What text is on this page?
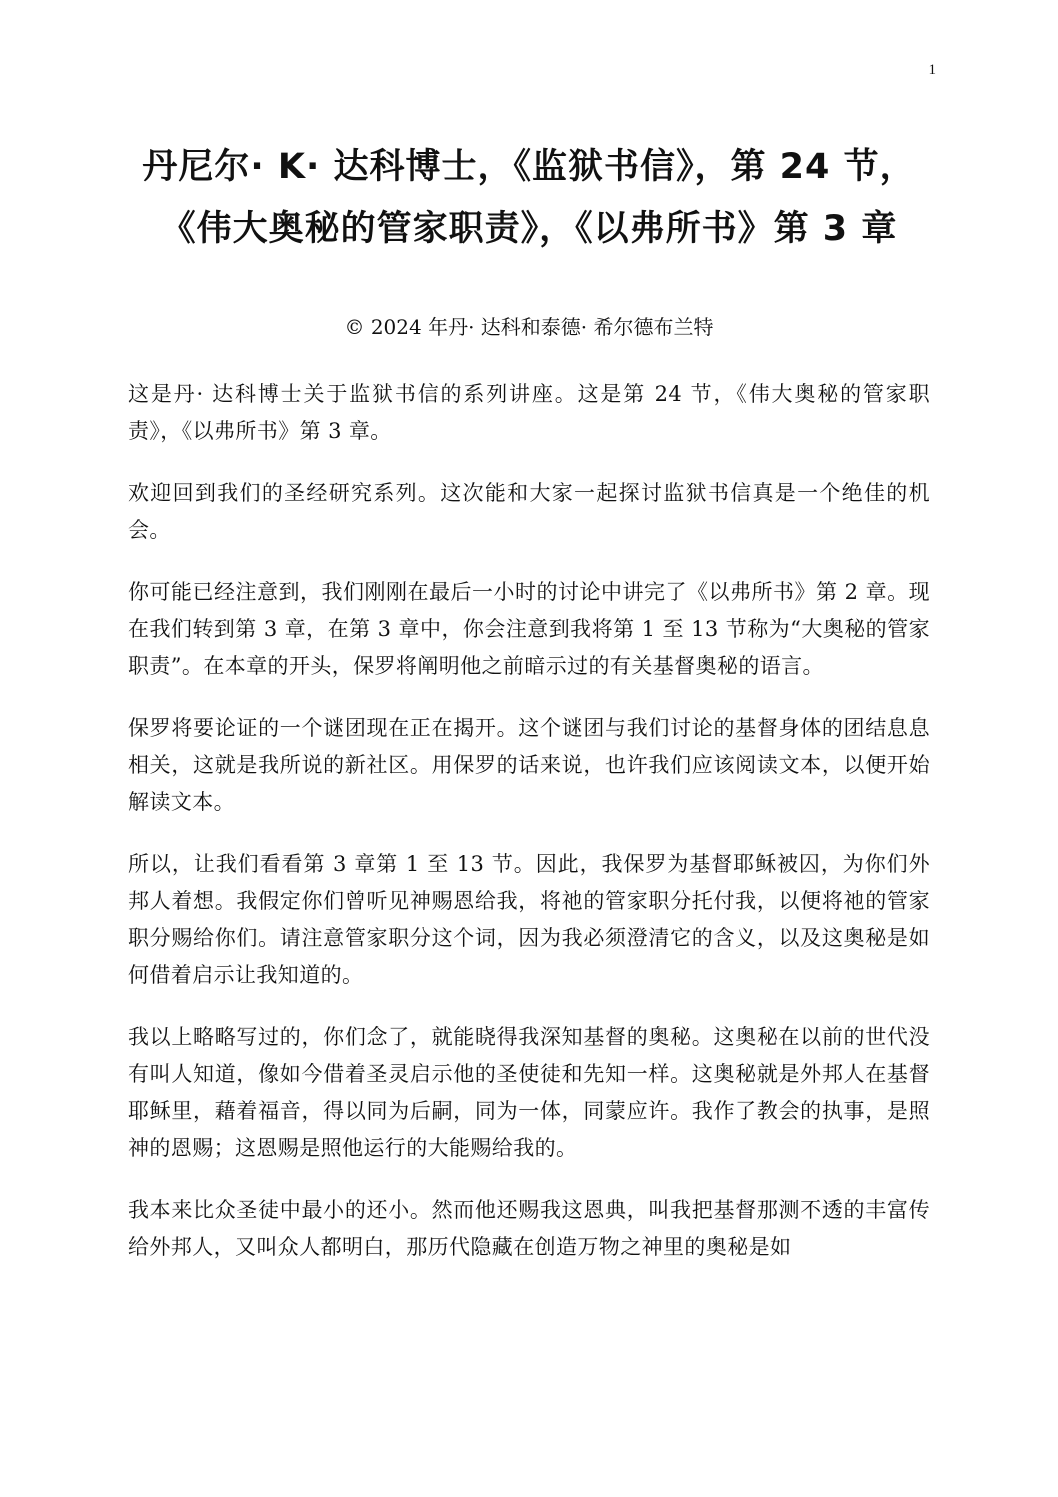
1
丹尼尔· K· 达科博士，《监狱书信》，第 24 节，《伟大奥秘的管家职责》，《以弗所书》第 3 章
© 2024 年丹· 达科和泰德· 希尔德布兰特

这是丹· 达科博士关于监狱书信的系列讲座。这是第 24 节，《伟大奥秘的管家职责》，《以弗所书》第 3 章。

欢迎回到我们的圣经研究系列。这次能和大家一起探讨监狱书信真是一个绝佳的机会。

你可能已经注意到，我们刚刚在最后一小时的讨论中讲完了《以弗所书》第 2 章。现在我们转到第 3 章，在第 3 章中，你会注意到我将第 1 至 13 节称为“大奥秘的管家职责”。在本章的开头，保罗将阐明他之前暗示过的有关基督奥秘的语言。

保罗将要论证的一个谜团现在正在揭开。这个谜团与我们讨论的基督身体的团结息息相关，这就是我所说的新社区。用保罗的话来说，也许我们应该阅读文本，以便开始解读文本。

所以，让我们看看第 3 章第 1 至 13 节。因此，我保罗为基督耶稣被囚，为你们外邦人着想。我假定你们曾听见神赐恩给我，将祂的管家职分托付我，以便将祂的管家职分赐给你们。请注意管家职分这个词，因为我必须澄清它的含义，以及这奥秘是如何借着启示让我知道的。

我以上略略写过的，你们念了，就能晓得我深知基督的奥秘。这奥秘在以前的世代没有叫人知道，像如今借着圣灵启示他的圣使徒和先知一样。这奥秘就是外邦人在基督耶稣里，藉着福音，得以同为后嗣，同为一体，同蒙应许。我作了教会的执事，是照神的恩赐；这恩赐是照他运行的大能赐给我的。

我本来比众圣徒中最小的还小。然而他还赐我这恩典，叫我把基督那测不透的丰富传给外邦人，又叫众人都明白，那历代隐藏在创造万物之神里的奥秘是如
